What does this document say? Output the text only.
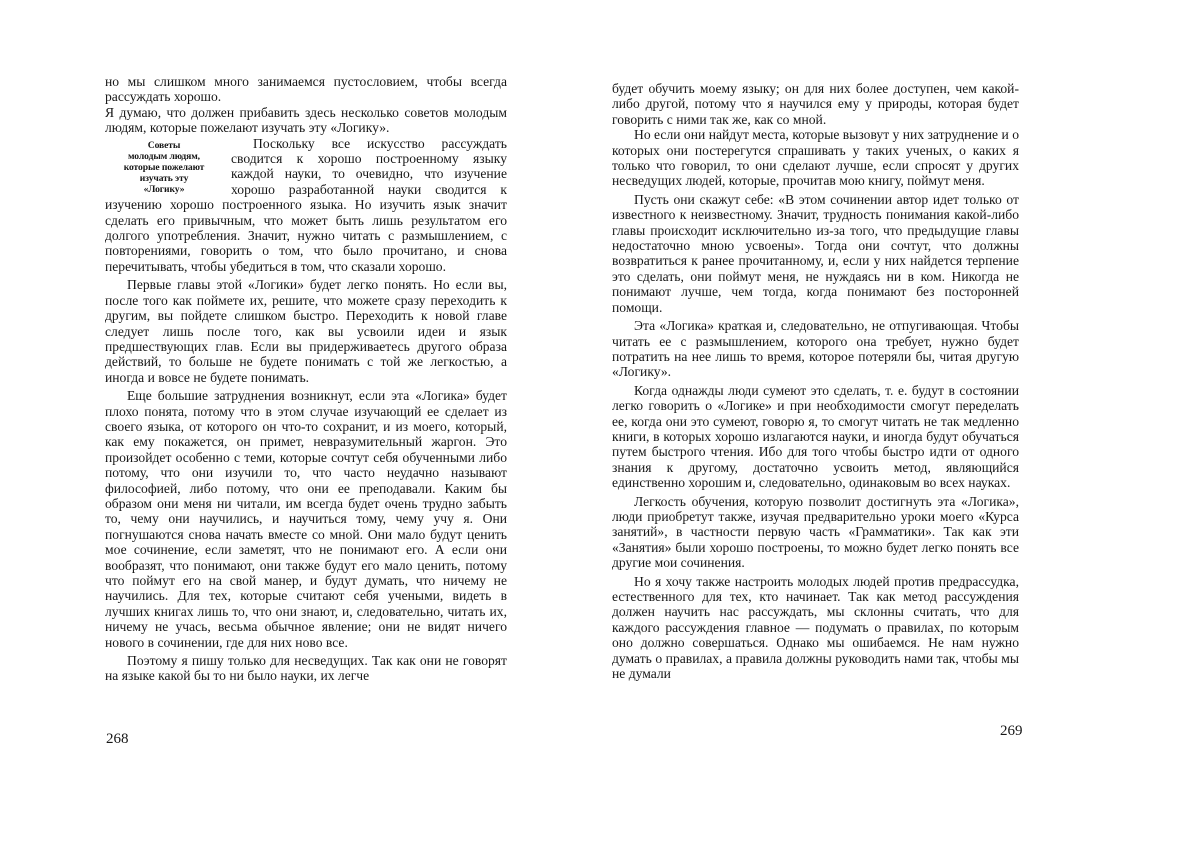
но мы слишком много занимаемся пустословием, чтобы всегда рассуждать хорошо.

Я думаю, что должен прибавить здесь несколько советов молодым людям, которые пожелают изучать эту «Логику».

Советы
молодым людям,
которые пожелают
изучать эту
«Логику»

Поскольку все искусство рассуждать сводится к хорошо построенному языку каждой науки, то очевидно, что изучение хорошо разработанной науки сводится к изучению хорошо построенного языка. Но изучить язык значит сделать его привычным, что может быть лишь результатом его долгого употребления. Значит, нужно читать с размышлением, с повторениями, говорить о том, что было прочитано, и снова перечитывать, чтобы убедиться в том, что сказали хорошо.

Первые главы этой «Логики» будет легко понять. Но если вы, после того как поймете их, решите, что можете сразу переходить к другим, вы пойдете слишком быстро. Переходить к новой главе следует лишь после того, как вы усвоили идеи и язык предшествующих глав. Если вы придерживаетесь другого образа действий, то больше не будете понимать с той же легкостью, а иногда и вовсе не будете понимать.

Еще большие затруднения возникнут, если эта «Логика» будет плохо понята, потому что в этом случае изучающий ее сделает из своего языка, от которого он что-то сохранит, и из моего, который, как ему покажется, он примет, невразумительный жаргон. Это произойдет особенно с теми, которые сочтут себя обученными либо потому, что они изучили то, что часто неудачно называют философией, либо потому, что они ее преподавали. Каким бы образом они меня ни читали, им всегда будет очень трудно забыть то, чему они научились, и научиться тому, чему учу я. Они погнушаются снова начать вместе со мной. Они мало будут ценить мое сочинение, если заметят, что не понимают его. А если они вообразят, что понимают, они также будут его мало ценить, потому что поймут его на свой манер, и будут думать, что ничему не научились. Для тех, которые считают себя учеными, видеть в лучших книгах лишь то, что они знают, и, следовательно, читать их, ничему не учась, весьма обычное явление; они не видят ничего нового в сочинении, где для них ново все.

Поэтому я пишу только для несведущих. Так как они не говорят на языке какой бы то ни было науки, их легче

268

будет обучить моему языку; он для них более доступен, чем какой-либо другой, потому что я научился ему у природы, которая будет говорить с ними так же, как со мной.

Но если они найдут места, которые вызовут у них затруднение и о которых они постерегутся спрашивать у таких ученых, о каких я только что говорил, то они сделают лучше, если спросят у других несведущих людей, которые, прочитав мою книгу, поймут меня.

Пусть они скажут себе: «В этом сочинении автор идет только от известного к неизвестному. Значит, трудность понимания какой-либо главы происходит исключительно из-за того, что предыдущие главы недостаточно мною усвоены». Тогда они сочтут, что должны возвратиться к ранее прочитанному, и, если у них найдется терпение это сделать, они поймут меня, не нуждаясь ни в ком. Никогда не понимают лучше, чем тогда, когда понимают без посторонней помощи.

Эта «Логика» краткая и, следовательно, не отпугивающая. Чтобы читать ее с размышлением, которого она требует, нужно будет потратить на нее лишь то время, которое потеряли бы, читая другую «Логику».

Когда однажды люди сумеют это сделать, т. е. будут в состоянии легко говорить о «Логике» и при необходимости смогут переделать ее, когда они это сумеют, говорю я, то смогут читать не так медленно книги, в которых хорошо излагаются науки, и иногда будут обучаться путем быстрого чтения. Ибо для того чтобы быстро идти от одного знания к другому, достаточно усвоить метод, являющийся единственно хорошим и, следовательно, одинаковым во всех науках.

Легкость обучения, которую позволит достигнуть эта «Логика», люди приобретут также, изучая предварительно уроки моего «Курса занятий», в частности первую часть «Грамматики». Так как эти «Занятия» были хорошо построены, то можно будет легко понять все другие мои сочинения.

Но я хочу также настроить молодых людей против предрассудка, естественного для тех, кто начинает. Так как метод рассуждения должен научить нас рассуждать, мы склонны считать, что для каждого рассуждения главное — подумать о правилах, по которым оно должно совершаться. Однако мы ошибаемся. Не нам нужно думать о правилах, а правила должны руководить нами так, чтобы мы не думали

269
